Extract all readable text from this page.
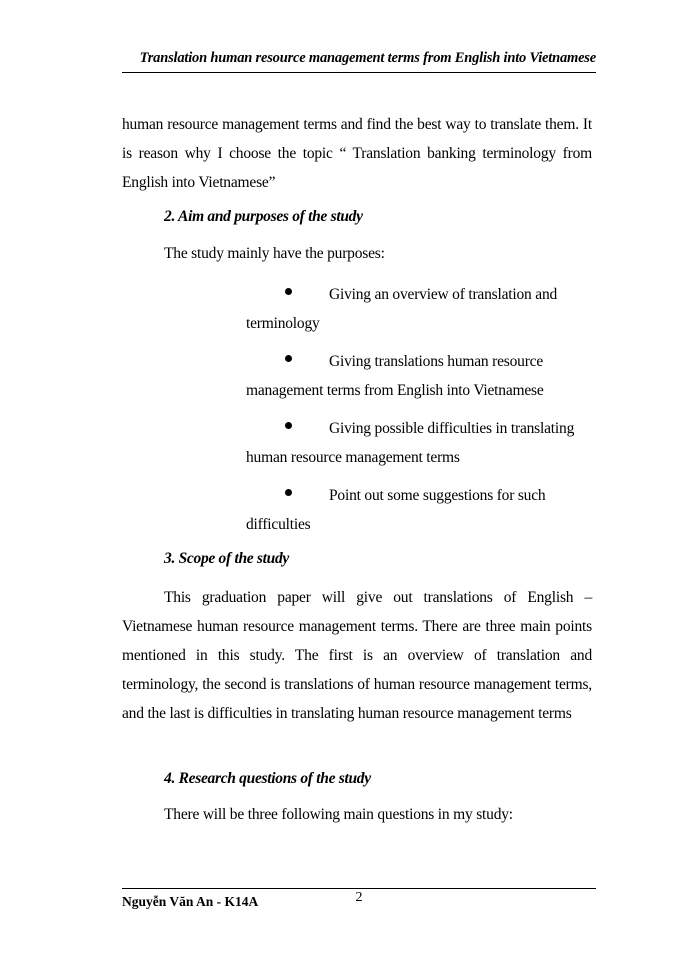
Translation human resource management terms from English into Vietnamese
human resource management terms and find the best way to translate them. It is reason why I choose the topic “ Translation banking terminology from English into Vietnamese”
2. Aim and purposes of the study
The study mainly have the purposes:
Giving an overview of translation and terminology
Giving translations human resource management terms from English into Vietnamese
Giving possible difficulties in translating human resource management terms
Point out some suggestions for such difficulties
3. Scope of the study
This graduation paper will give out translations of English – Vietnamese human resource management terms. There are three main points mentioned in this study. The first is an overview of translation and terminology, the second is translations of human resource management terms, and the last is difficulties in translating human resource management terms
4. Research questions of the study
There will be three following main questions in my study:
Nguyễn Văn An - K14A	2
